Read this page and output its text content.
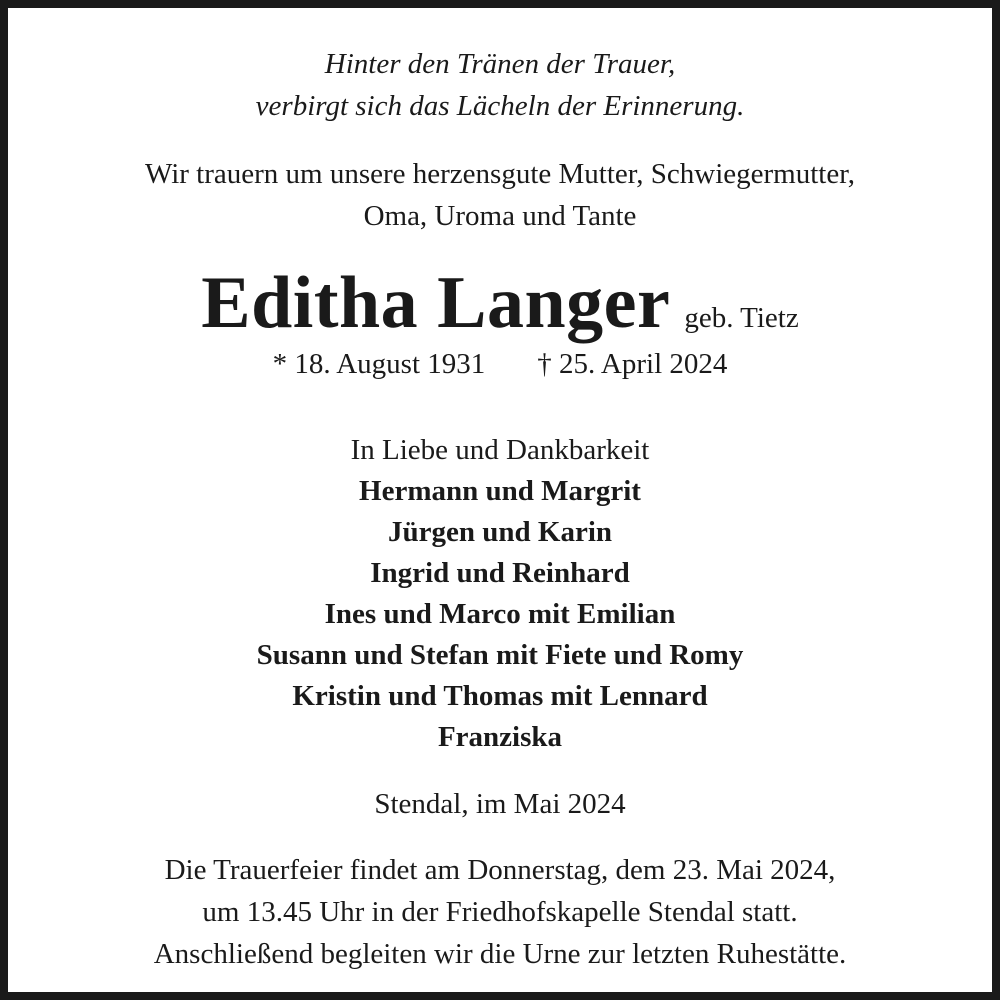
Hinter den Tränen der Trauer,
verbirgt sich das Lächeln der Erinnerung.
Wir trauern um unsere herzensgute Mutter, Schwiegermutter,
Oma, Uroma und Tante
Editha Langer geb. Tietz
* 18. August 1931 † 25. April 2024
In Liebe und Dankbarkeit
Hermann und Margrit
Jürgen und Karin
Ingrid und Reinhard
Ines und Marco mit Emilian
Susann und Stefan mit Fiete und Romy
Kristin und Thomas mit Lennard
Franziska
Stendal, im Mai 2024
Die Trauerfeier findet am Donnerstag, dem 23. Mai 2024,
um 13.45 Uhr in der Friedhofskapelle Stendal statt.
Anschließend begleiten wir die Urne zur letzten Ruhestätte.
